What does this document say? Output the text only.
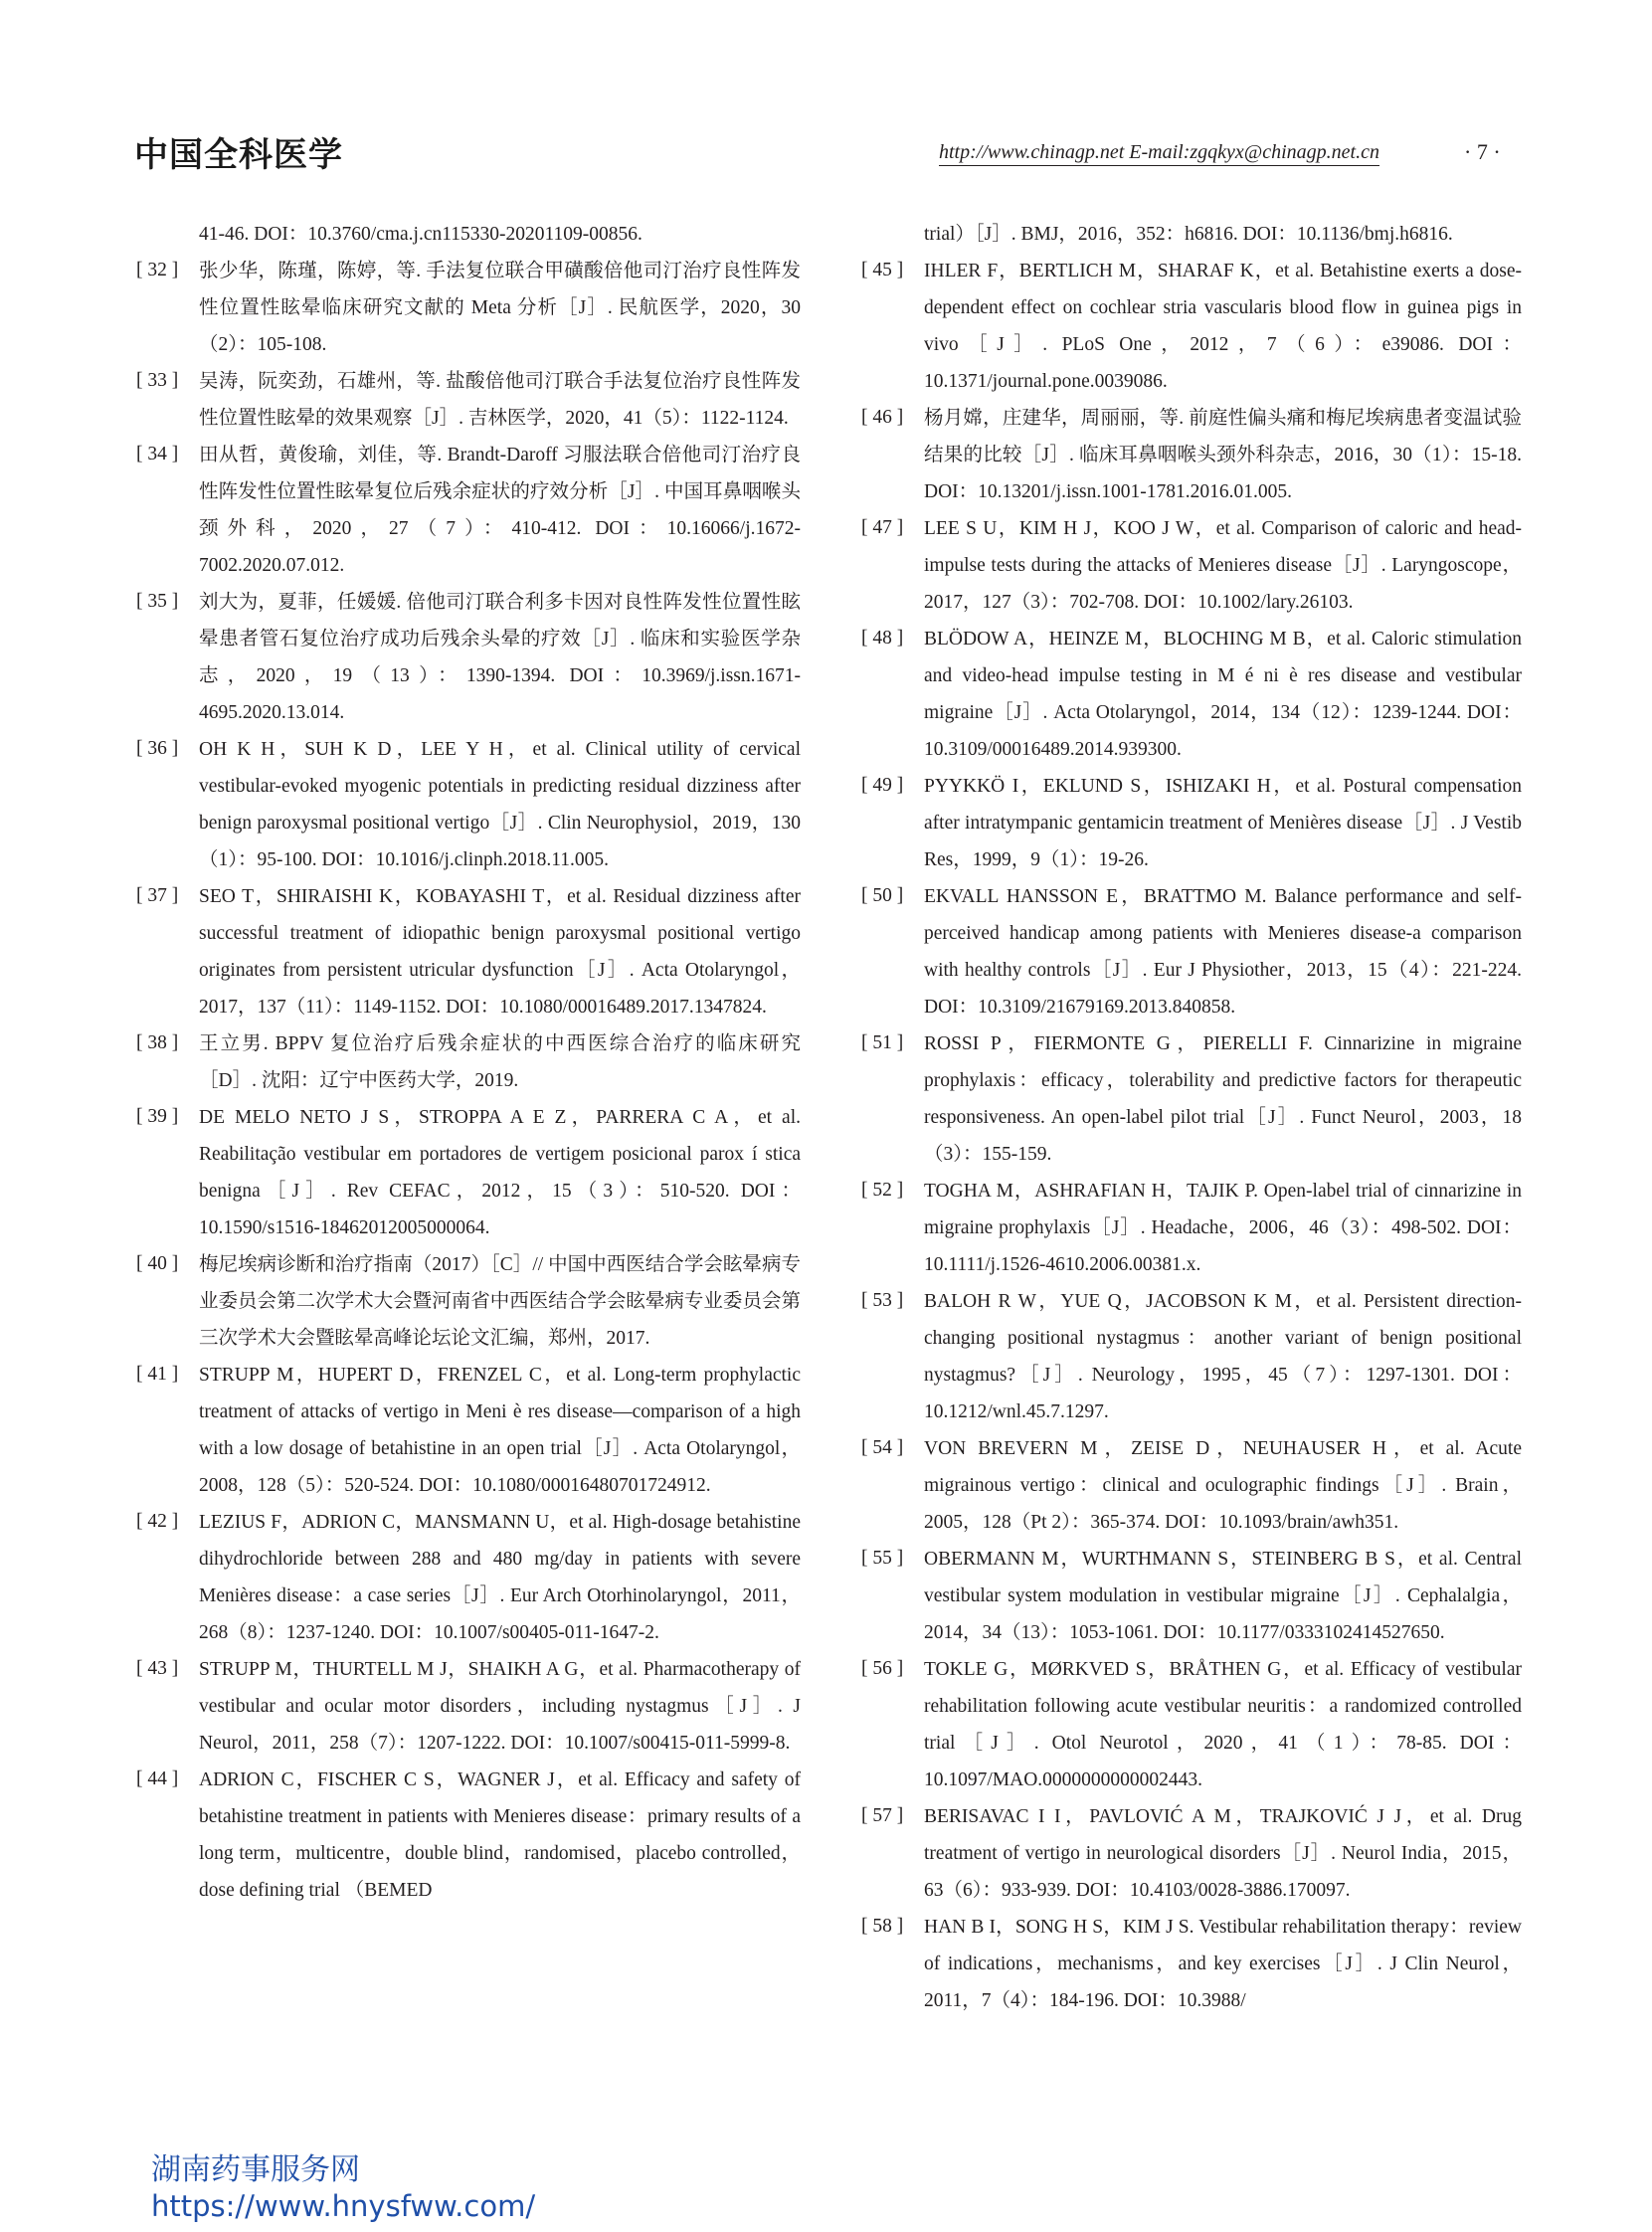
中国全科医学	http://www.chinagp.net E-mail:zgqkyx@chinagp.net.cn	· 7 ·
41-46. DOI：10.3760/cma.j.cn115330-20201109-00856.
[ 32 ]	张少华，陈瑾，陈婷，等. 手法复位联合甲磺酸倍他司汀治疗良性阵发性位置性眩晕临床研究文献的 Meta 分析［J］. 民航医学，2020，30（2）：105-108.
[ 33 ]	吴涛，阮奕劲，石雄州，等. 盐酸倍他司汀联合手法复位治疗良性阵发性位置性眩晕的效果观察［J］. 吉林医学，2020，41（5）：1122-1124.
[ 34 ]	田从哲，黄俊瑜，刘佳，等. Brandt-Daroff 习服法联合倍他司汀治疗良性阵发性位置性眩晕复位后残余症状的疗效分析［J］. 中国耳鼻咽喉头颈外科，2020，27（7）：410-412. DOI：10.16066/j.1672-7002.2020.07.012.
[ 35 ]	刘大为，夏菲，任媛媛. 倍他司汀联合利多卡因对良性阵发性位置性眩晕患者管石复位治疗成功后残余头晕的疗效［J］. 临床和实验医学杂志，2020，19（13）：1390-1394. DOI：10.3969/j.issn.1671-4695.2020.13.014.
[ 36 ]	OH K H，SUH K D，LEE Y H，et al. Clinical utility of cervical vestibular-evoked myogenic potentials in predicting residual dizziness after benign paroxysmal positional vertigo［J］. Clin Neurophysiol，2019，130（1）：95-100. DOI：10.1016/j.clinph.2018.11.005.
[ 37 ]	SEO T，SHIRAISHI K，KOBAYASHI T，et al. Residual dizziness after successful treatment of idiopathic benign paroxysmal positional vertigo originates from persistent utricular dysfunction［J］. Acta Otolaryngol，2017，137（11）：1149-1152. DOI：10.1080/00016489.2017.1347824.
[ 38 ]	王立男. BPPV 复位治疗后残余症状的中西医综合治疗的临床研究［D］. 沈阳：辽宁中医药大学，2019.
[ 39 ]	DE MELO NETO J S，STROPPA A E Z，PARRERA C A，et al. Reabilitação vestibular em portadores de vertigem posicional parox í stica benigna［J］. Rev CEFAC，2012，15（3）：510-520. DOI：10.1590/s1516-18462012005000064.
[ 40 ]	梅尼埃病诊断和治疗指南（2017）［C］// 中国中西医结合学会眩晕病专业委员会第二次学术大会暨河南省中西医结合学会眩晕病专业委员会第三次学术大会暨眩晕高峰论坛论文汇编，郑州，2017.
[ 41 ]	STRUPP M，HUPERT D，FRENZEL C，et al. Long-term prophylactic treatment of attacks of vertigo in Meni è res disease—comparison of a high with a low dosage of betahistine in an open trial［J］. Acta Otolaryngol，2008，128（5）：520-524. DOI：10.1080/00016480701724912.
[ 42 ]	LEZIUS F，ADRION C，MANSMANN U，et al. High-dosage betahistine dihydrochloride between 288 and 480 mg/day in patients with severe Menières disease：a case series［J］. Eur Arch Otorhinolaryngol，2011，268（8）：1237-1240. DOI：10.1007/s00405-011-1647-2.
[ 43 ]	STRUPP M，THURTELL M J，SHAIKH A G，et al. Pharmacotherapy of vestibular and ocular motor disorders，including nystagmus［J］. J Neurol，2011，258（7）：1207-1222. DOI：10.1007/s00415-011-5999-8.
[ 44 ]	ADRION C，FISCHER C S，WAGNER J，et al. Efficacy and safety of betahistine treatment in patients with Menieres disease：primary results of a long term，multicentre，double blind，randomised，placebo controlled，dose defining trial （BEMED
trial）［J］. BMJ，2016，352：h6816. DOI：10.1136/bmj.h6816.
[ 45 ]	IHLER F，BERTLICH M，SHARAF K，et al. Betahistine exerts a dose-dependent effect on cochlear stria vascularis blood flow in guinea pigs in vivo［J］. PLoS One，2012，7（6）：e39086. DOI：10.1371/journal.pone.0039086.
[ 46 ]	杨月嫦，庄建华，周丽丽，等. 前庭性偏头痛和梅尼埃病患者变温试验结果的比较［J］. 临床耳鼻咽喉头颈外科杂志，2016，30（1）：15-18. DOI：10.13201/j.issn.1001-1781.2016.01.005.
[ 47 ]	LEE S U，KIM H J，KOO J W，et al. Comparison of caloric and head-impulse tests during the attacks of Menieres disease［J］. Laryngoscope，2017，127（3）：702-708. DOI：10.1002/lary.26103.
[ 48 ]	BLÖDOW A，HEINZE M，BLOCHING M B，et al. Caloric stimulation and video-head impulse testing in M é ni è res disease and vestibular migraine［J］. Acta Otolaryngol，2014，134（12）：1239-1244. DOI：10.3109/00016489.2014.939300.
[ 49 ]	PYYKKÖ I，EKLUND S，ISHIZAKI H，et al. Postural compensation after intratympanic gentamicin treatment of Menières disease［J］. J Vestib Res，1999，9（1）：19-26.
[ 50 ]	EKVALL HANSSON E，BRATTMO M. Balance performance and self-perceived handicap among patients with Menieres disease-a comparison with healthy controls［J］. Eur J Physiother，2013，15（4）：221-224. DOI：10.3109/21679169.2013.840858.
[ 51 ]	ROSSI P，FIERMONTE G，PIERELLI F. Cinnarizine in migraine prophylaxis：efficacy，tolerability and predictive factors for therapeutic responsiveness. An open-label pilot trial［J］. Funct Neurol，2003，18（3）：155-159.
[ 52 ]	TOGHA M，ASHRAFIAN H，TAJIK P. Open-label trial of cinnarizine in migraine prophylaxis［J］. Headache，2006，46（3）：498-502. DOI：10.1111/j.1526-4610.2006.00381.x.
[ 53 ]	BALOH R W，YUE Q，JACOBSON K M，et al. Persistent direction-changing positional nystagmus：another variant of benign positional nystagmus?［J］. Neurology，1995，45（7）：1297-1301. DOI：10.1212/wnl.45.7.1297.
[ 54 ]	VON BREVERN M，ZEISE D，NEUHAUSER H，et al. Acute migrainous vertigo：clinical and oculographic findings［J］. Brain，2005，128（Pt 2）：365-374. DOI：10.1093/brain/awh351.
[ 55 ]	OBERMANN M，WURTHMANN S，STEINBERG B S，et al. Central vestibular system modulation in vestibular migraine［J］. Cephalalgia，2014，34（13）：1053-1061. DOI：10.1177/0333102414527650.
[ 56 ]	TOKLE G，MØRKVED S，BRÅTHEN G，et al. Efficacy of vestibular rehabilitation following acute vestibular neuritis：a randomized controlled trial［J］. Otol Neurotol，2020，41（1）：78-85. DOI：10.1097/MAO.0000000000002443.
[ 57 ]	BERISAVAC I I，PAVLOVIĆ A M，TRAJKOVIĆ J J，et al. Drug treatment of vertigo in neurological disorders［J］. Neurol India，2015，63（6）：933-939. DOI：10.4103/0028-3886.170097.
[ 58 ]	HAN B I，SONG H S，KIM J S. Vestibular rehabilitation therapy：review of indications，mechanisms，and key exercises［J］. J Clin Neurol，2011，7（4）：184-196. DOI：10.3988/
湖南药事服务网
https://www.hnysfww.com/
